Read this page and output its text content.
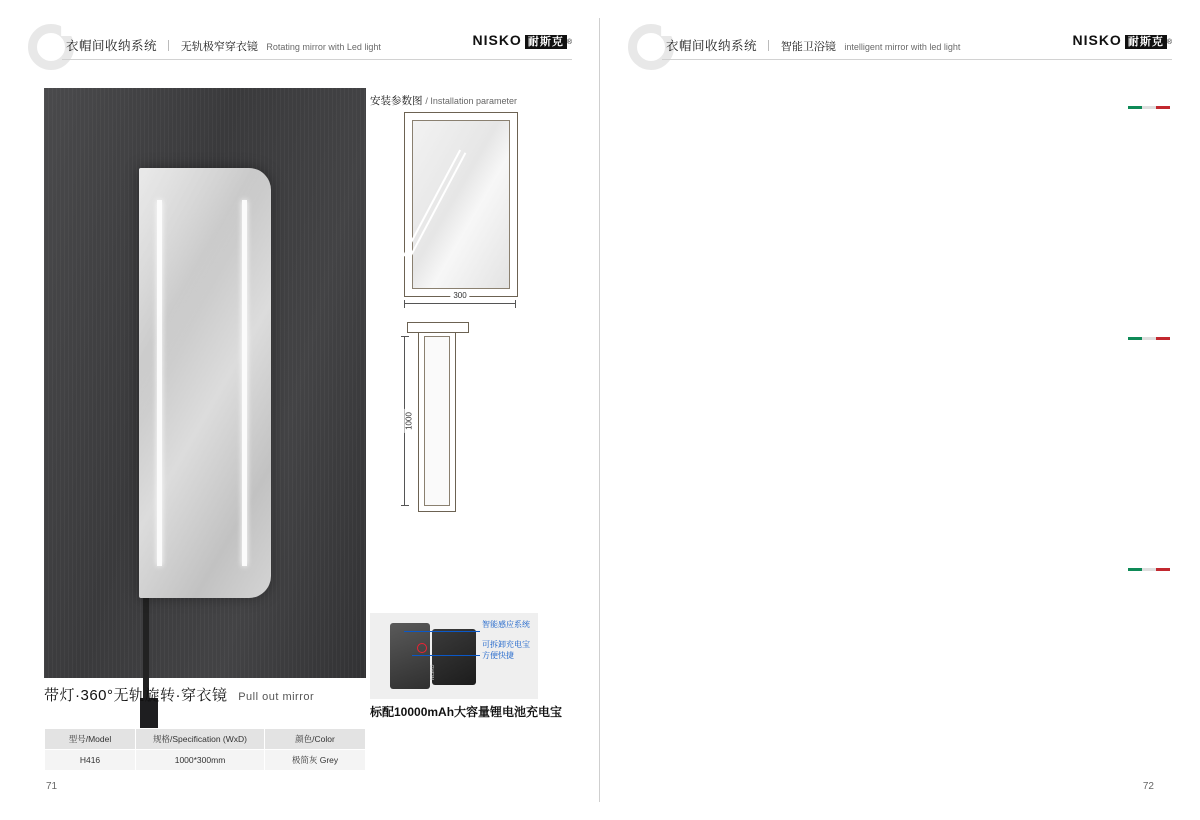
衣帽间收纳系统 无轨极窄穿衣镜 Rotating mirror with Led light	NISKO 耐斯克 ®
带灯·360°无轨旋转·穿衣镜 Pull out mirror
型号/Model	规格/Specification (WxD)	颜色/Color
H416	1000*300mm	极简灰 Grey
安装参数图 / Installation parameter
300
1000
NISKO
智能感应系统
可拆卸充电宝
方便快捷
标配10000mAh大容量锂电池充电宝
71
衣帽间收纳系统 智能卫浴镜 intelligent mirror with led light	NISKO 耐斯克 ®

72
